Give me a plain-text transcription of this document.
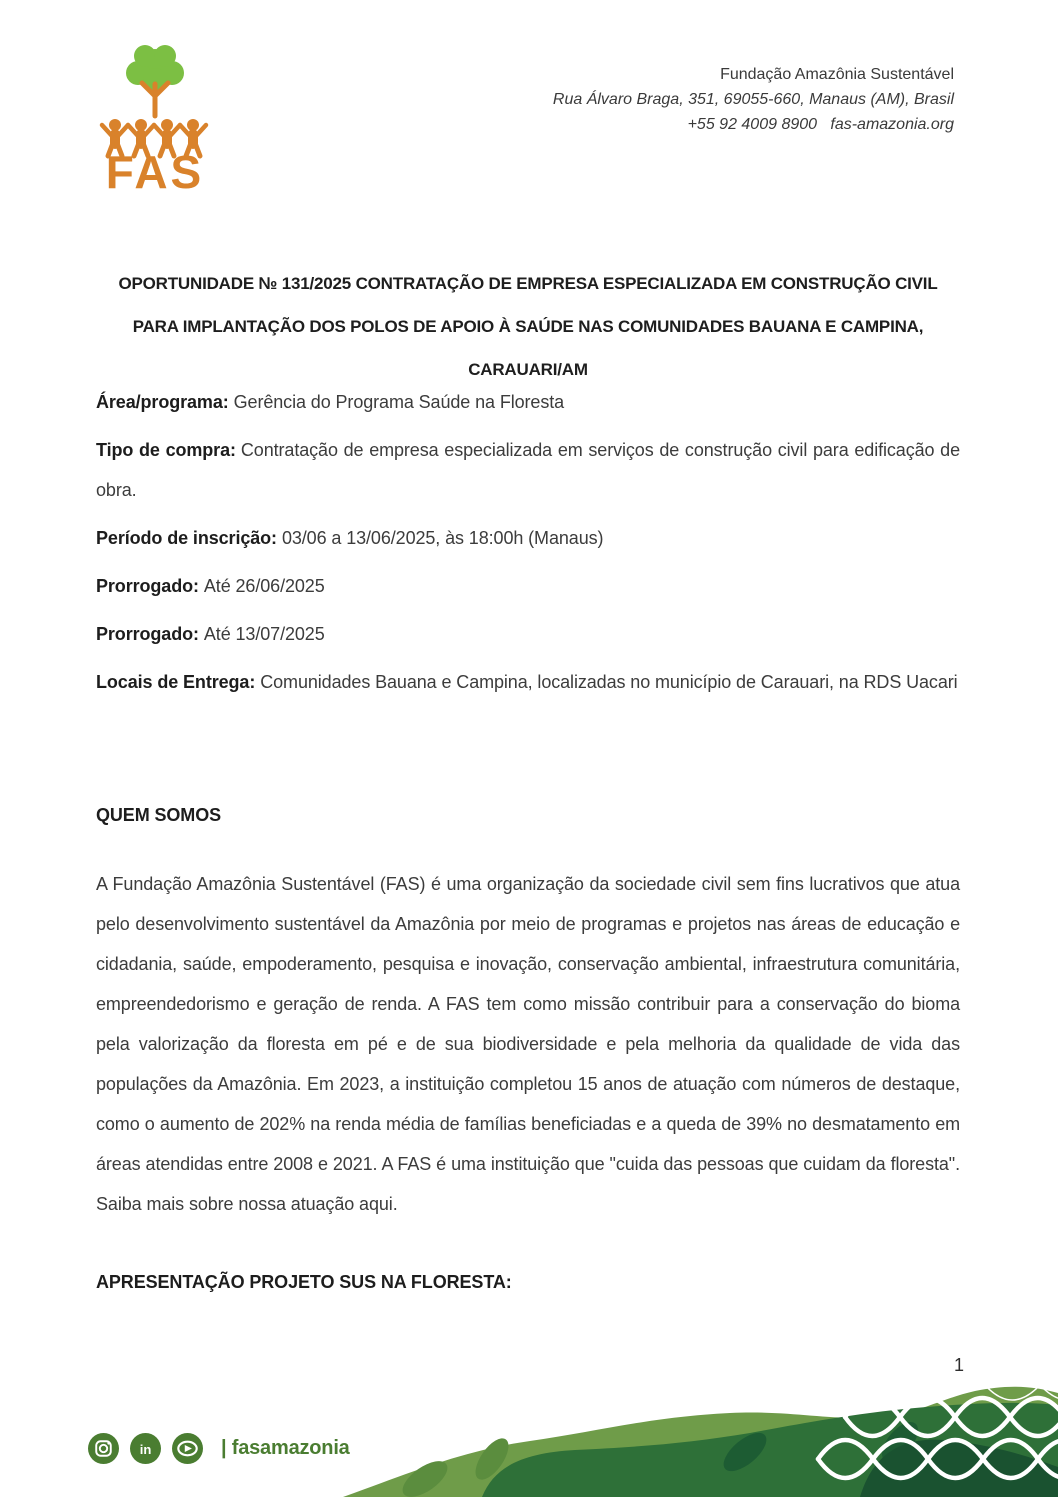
FAS
Fundação Amazônia Sustentável
Rua Álvaro Braga, 351, 69055-660, Manaus (AM), Brasil
+55 92 4009 8900   fas-amazonia.org
OPORTUNIDADE № 131/2025 CONTRATAÇÃO DE EMPRESA ESPECIALIZADA EM CONSTRUÇÃO CIVIL PARA IMPLANTAÇÃO DOS POLOS DE APOIO À SAÚDE NAS COMUNIDADES BAUANA E CAMPINA, CARAUARI/AM

Área/programa: Gerência do Programa Saúde na Floresta

Tipo de compra: Contratação de empresa especializada em serviços de construção civil para edificação de obra.

Período de inscrição: 03/06 a 13/06/2025, às 18:00h (Manaus)

Prorrogado: Até 26/06/2025

Prorrogado: Até 13/07/2025

Locais de Entrega: Comunidades Bauana e Campina, localizadas no município de Carauari, na RDS Uacari

QUEM SOMOS
A Fundação Amazônia Sustentável (FAS) é uma organização da sociedade civil sem fins lucrativos que atua pelo desenvolvimento sustentável da Amazônia por meio de programas e projetos nas áreas de educação e cidadania, saúde, empoderamento, pesquisa e inovação, conservação ambiental, infraestrutura comunitária, empreendedorismo e geração de renda. A FAS tem como missão contribuir para a conservação do bioma pela valorização da floresta em pé e de sua biodiversidade e pela melhoria da qualidade de vida das populações da Amazônia. Em 2023, a instituição completou 15 anos de atuação com números de destaque, como o aumento de 202% na renda média de famílias beneficiadas e a queda de 39% no desmatamento em áreas atendidas entre 2008 e 2021. A FAS é uma instituição que "cuida das pessoas que cuidam da floresta". Saiba mais sobre nossa atuação aqui.
APRESENTAÇÃO PROJETO SUS NA FLORESTA:
1
in	| fasamazonia
